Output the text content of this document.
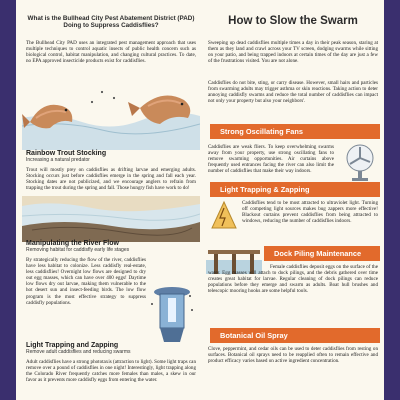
What is the Bullhead City Pest Abatement District (PAD) Doing to Suppress Caddisflies?

The Bullhead City PAD uses an integrated pest management approach that uses multiple techniques to control aquatic insects of public health concern such as biological control, habitat manipulation, and changing cultural practices. To date, no EPA approved insecticide products exist for caddisflies.

Rainbow Trout Stocking

Increasing a natural predator

Trout will mostly prey on caddisflies as drifting larvae and emerging adults. Stocking occurs just before caddisflies emerge in the spring and fall each year. Stocking dates are not publicized, and we encourage anglers to refrain from trapping the trout during the spring and fall. Those hungry fish have work to do!

Manipulating the River Flow

Removing habitat for caddisfly early life stages

By strategically reducing the flow of the river, caddisflies have less habitat to colonize. Less caddisfly real-estate, less caddisflies! Overnight low flows are designed to dry out egg masses, which can have over 400 eggs! Daytime low flows dry out larvae, making them vulnerable to the hot desert sun and insect-feeding birds. The low flow program is the most effective strategy to suppress caddisfly populations.

Light Trapping and Zapping

Remove adult caddisflies and reducing swarms

Adult caddisflies have a strong phototaxis (attraction to light). Some light traps can remove over a pound of caddisflies in one night! Interestingly, light trapping along the Colorado River frequently catches more females than males, a skew in our favor as it prevents more caddisfly eggs from entering the water.

How to Slow the Swarm

Sweeping up dead caddisflies multiple times a day in their peak season, staring at them as they land and crawl across your TV screen, dodging swarms while sitting on your patio, and being trapped indoors at certain times of the day are just a few of the frustrations visited. You are not alone.

Caddisflies do not bite, sting, or carry disease. However, small hairs and particles from swarming adults may trigger asthma or skin reactions. Taking action to deter annoying caddisfly swarms and reduce the total number of caddisflies can impact not only your property but also your neighbors'.

Strong Oscillating Fans

Caddisflies are weak fliers. To keep overwhelming swarms away from your property, use strong oscillating fans to remove swarming opportunities. Air curtains above frequently used entrances facing the river can also limit the number of caddisflies that make their way indoors.

Light Trapping & Zapping

Caddisflies tend to be most attracted to ultraviolet light. Turning off competing light sources makes bug zappers more effective! Blackout curtains prevent caddisflies from being attracted to windows, reducing the number of caddisflies indoors.

Dock Piling Maintenance

Female caddisflies deposit eggs on the surface of the water. Egg masses will attach to dock pilings, and the debris gathered over time creates great habitat for larvae. Regular cleaning of dock pilings can reduce populations before they emerge and swarm as adults. Boat hull brushes and telescopic mooring hooks are some helpful tools.

Botanical Oil Spray

Clove, peppermint, and cedar oils can be used to deter caddisflies from resting on surfaces. Botanical oil sprays need to be reapplied often to remain effective and product efficacy varies based on active ingredient concentration.
